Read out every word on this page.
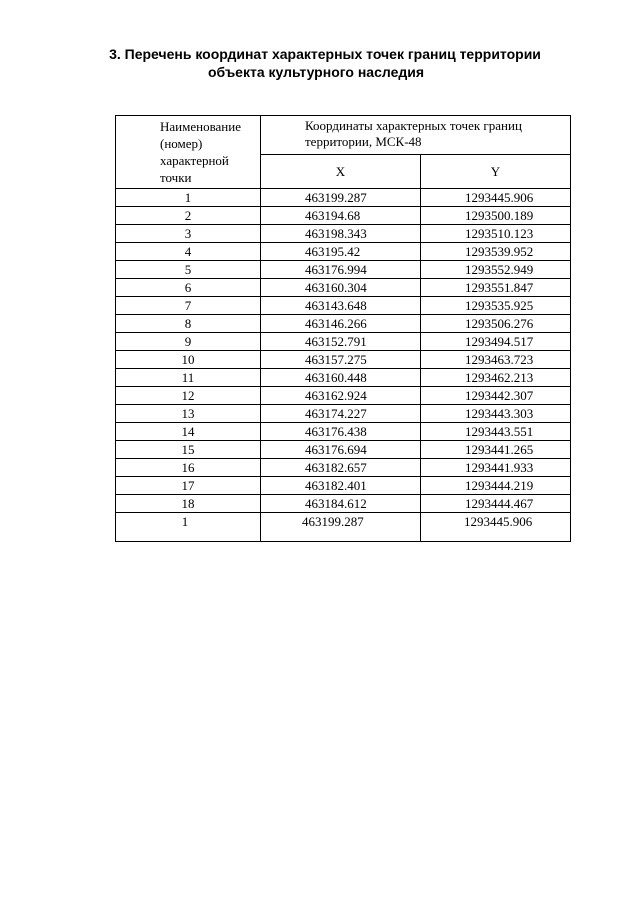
3. Перечень координат характерных точек границ территории
объекта культурного наследия
Наименование (номер) характерной точки	Координаты характерных точек границ территории, МСК-48	
	X	Y
1	463199.287	1293445.906
2	463194.68	1293500.189
3	463198.343	1293510.123
4	463195.42	1293539.952
5	463176.994	1293552.949
6	463160.304	1293551.847
7	463143.648	1293535.925
8	463146.266	1293506.276
9	463152.791	1293494.517
10	463157.275	1293463.723
11	463160.448	1293462.213
12	463162.924	1293442.307
13	463174.227	1293443.303
14	463176.438	1293443.551
15	463176.694	1293441.265
16	463182.657	1293441.933
17	463182.401	1293444.219
18	463184.612	1293444.467
1	463199.287	1293445.906
